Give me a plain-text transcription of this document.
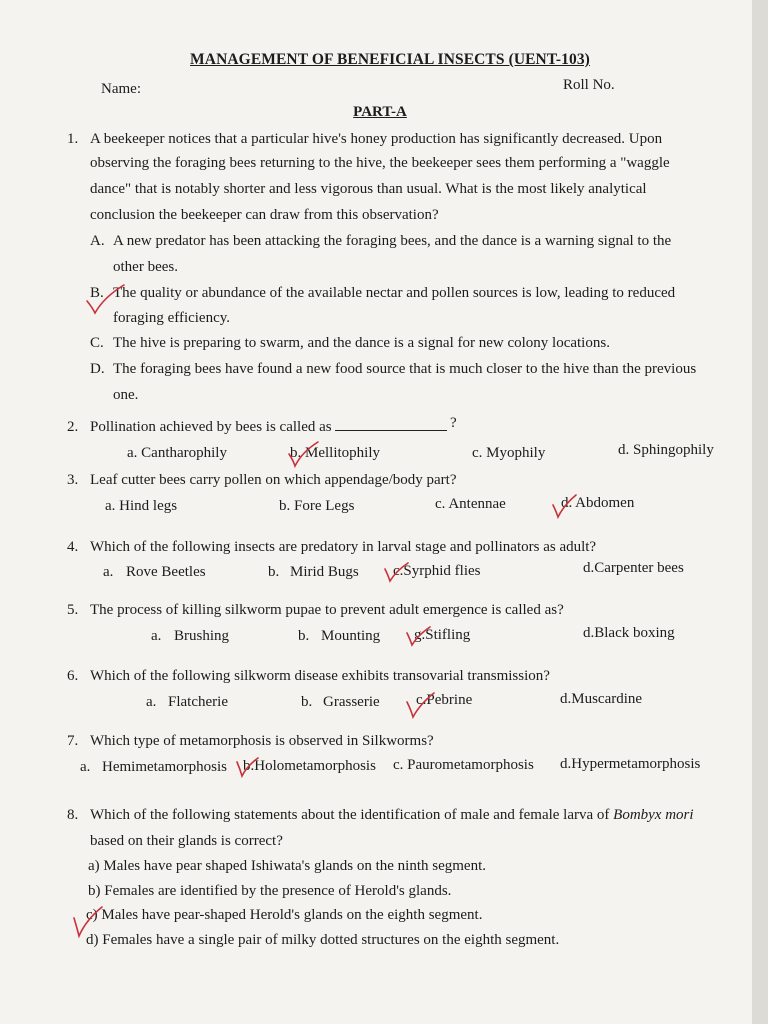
MANAGEMENT OF BENEFICIAL INSECTS (UENT-103)
Name:	Roll No.
PART-A
1. A beekeeper notices that a particular hive's honey production has significantly decreased. Upon
observing the foraging bees returning to the hive, the beekeeper sees them performing a "waggle
dance" that is notably shorter and less vigorous than usual. What is the most likely analytical
conclusion the beekeeper can draw from this observation?
A. A new predator has been attacking the foraging bees, and the dance is a warning signal to the
other bees.
B. The quality or abundance of the available nectar and pollen sources is low, leading to reduced
foraging efficiency.
C. The hive is preparing to swarm, and the dance is a signal for new colony locations.
D. The foraging bees have found a new food source that is much closer to the hive than the previous
one.
2. Pollination achieved by bees is called as	?
a. Cantharophily	b. Mellitophily	c. Myophily	d. Sphingophily
3. Leaf cutter bees carry pollen on which appendage/body part?
a. Hind legs	b. Fore Legs	c. Antennae	d. Abdomen
4. Which of the following insects are predatory in larval stage and pollinators as adult?
a. Rove Beetles	b. Mirid Bugs c.Syrphid flies	d.Carpenter bees
5. The process of killing silkworm pupae to prevent adult emergence is called as?
a. Brushing	b. Mounting g.Stifling	d.Black boxing
6. Which of the following silkworm disease exhibits transovarial transmission?
a. Flatcherie	b. Grasserie c.Pebrine	d.Muscardine
7. Which type of metamorphosis is observed in Silkworms?
a. Hemimetamorphosis b.Holometamorphosis c. Paurometamorphosis d.Hypermetamorphosis
8. Which of the following statements about the identification of male and female larva of Bombyx mori
based on their glands is correct?
a) Males have pear shaped Ishiwata's glands on the ninth segment.
b) Females are identified by the presence of Herold's glands.
c) Males have pear-shaped Herold's glands on the eighth segment.
d) Females have a single pair of milky dotted structures on the eighth segment.
